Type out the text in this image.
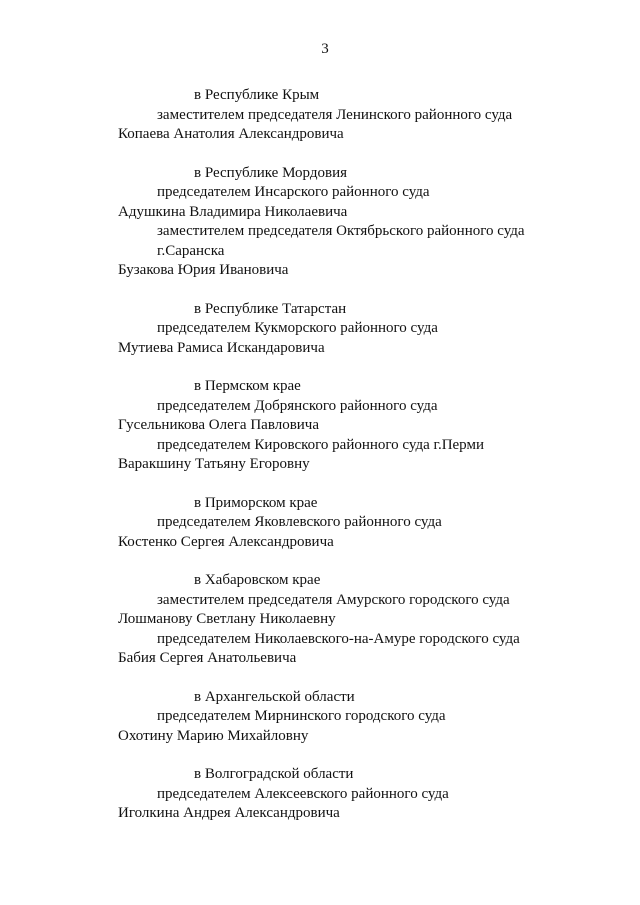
3
в Республике Крым
заместителем председателя Ленинского районного суда
Копаева Анатолия Александровича
в Республике Мордовия
председателем Инсарского районного суда
Адушкина Владимира Николаевича
заместителем председателя Октябрьского районного суда
г.Саранска
Бузакова Юрия Ивановича
в Республике Татарстан
председателем Кукморского районного суда
Мутиева Рамиса Искандаровича
в Пермском крае
председателем Добрянского районного суда
Гусельникова Олега Павловича
председателем Кировского районного суда г.Перми
Варакшину Татьяну Егоровну
в Приморском крае
председателем Яковлевского районного суда
Костенко Сергея Александровича
в Хабаровском крае
заместителем председателя Амурского городского суда
Лошманову Светлану Николаевну
председателем Николаевского-на-Амуре городского суда
Бабия Сергея Анатольевича
в Архангельской области
председателем Мирнинского городского суда
Охотину Марию Михайловну
в Волгоградской области
председателем Алексеевского районного суда
Иголкина Андрея Александровича
